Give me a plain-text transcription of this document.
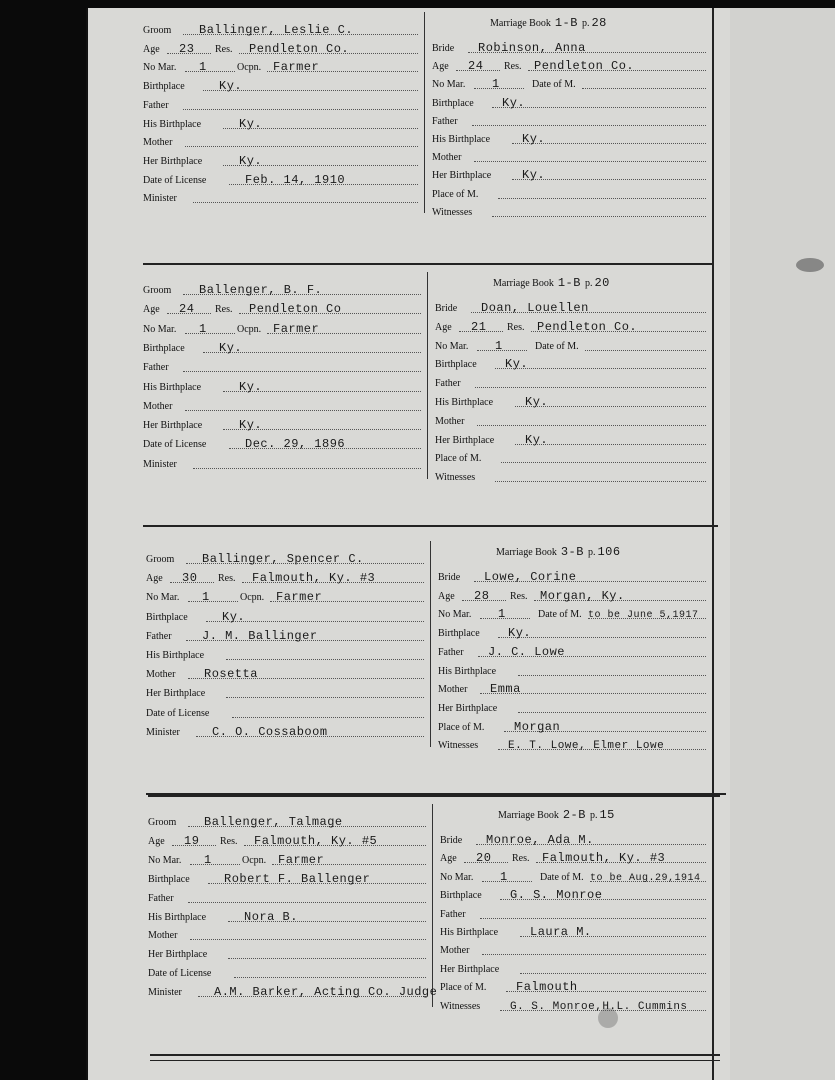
Marriage Book 1-B p. 28
Groom Ballinger, Leslie C.
Age 23 Res. Pendleton Co.
No Mar. 1	Ocpn. Farmer
Birthplace	Ky.
Father
His Birthplace	Ky.
Mother
Her Birthplace	Ky.
Date of License	Feb. 14, 1910
Minister
Bride Robinson, Anna
Age 24 Res. Pendleton Co.
No Mar. 1	Date of M.
Birthplace Ky.
Father
His Birthplace	Ky.
Mother
Her Birthplace	Ky.
Place of M.
Witnesses
Marriage Book 1-B p. 20
Groom Ballenger, B. F.
Age 24 Res. Pendleton Co
No Mar. 1	Ocpn. Farmer
Birthplace	Ky.
Father
His Birthplace	Ky.
Mother
Her Birthplace	Ky.
Date of License	Dec. 29, 1896
Minister
Bride Doan, Louellen
Age 21 Res. Pendleton Co.
No Mar. 1	Date of M.
Birthplace Ky.
Father
His Birthplace	Ky.
Mother
Her Birthplace	Ky.
Place of M.
Witnesses
Marriage Book 3-B p. 106
Groom Ballinger, Spencer C.
Age 30 Res. Falmouth, Ky. #3
No Mar. 1	Ocpn. Farmer
Birthplace	Ky.
Father	J. M. Ballinger
His Birthplace
Mother Rosetta
Her Birthplace
Date of License
Minister	C. O. Cossaboom
Bride Lowe, Corine
Age 28 Res. Morgan, Ky.
No Mar. 1	Date of M. to be June 5,1917
Birthplace Ky.
Father J. C. Lowe
His Birthplace
Mother Emma
Her Birthplace
Place of M. Morgan
Witnesses	E. T. Lowe, Elmer Lowe
Marriage Book 2-B p. 15
Groom Ballenger, Talmage
Age 19 Res. Falmouth, Ky. #5
No Mar. 1	Ocpn. Farmer
Birthplace	Robert F. Ballenger
Father
His Birthplace	Nora B.
Mother
Her Birthplace
Date of License
Minister	A.M. Barker, Acting Co. Judge
Bride Monroe, Ada M.
Age 20 Res. Falmouth, Ky. #3
No Mar. 1	Date of M. to be Aug.29,1914
Birthplace G. S. Monroe
Father
His Birthplace	Laura M.
Mother
Her Birthplace
Place of M. Falmouth
Witnesses	G. S. Monroe,H.L. Cummins
